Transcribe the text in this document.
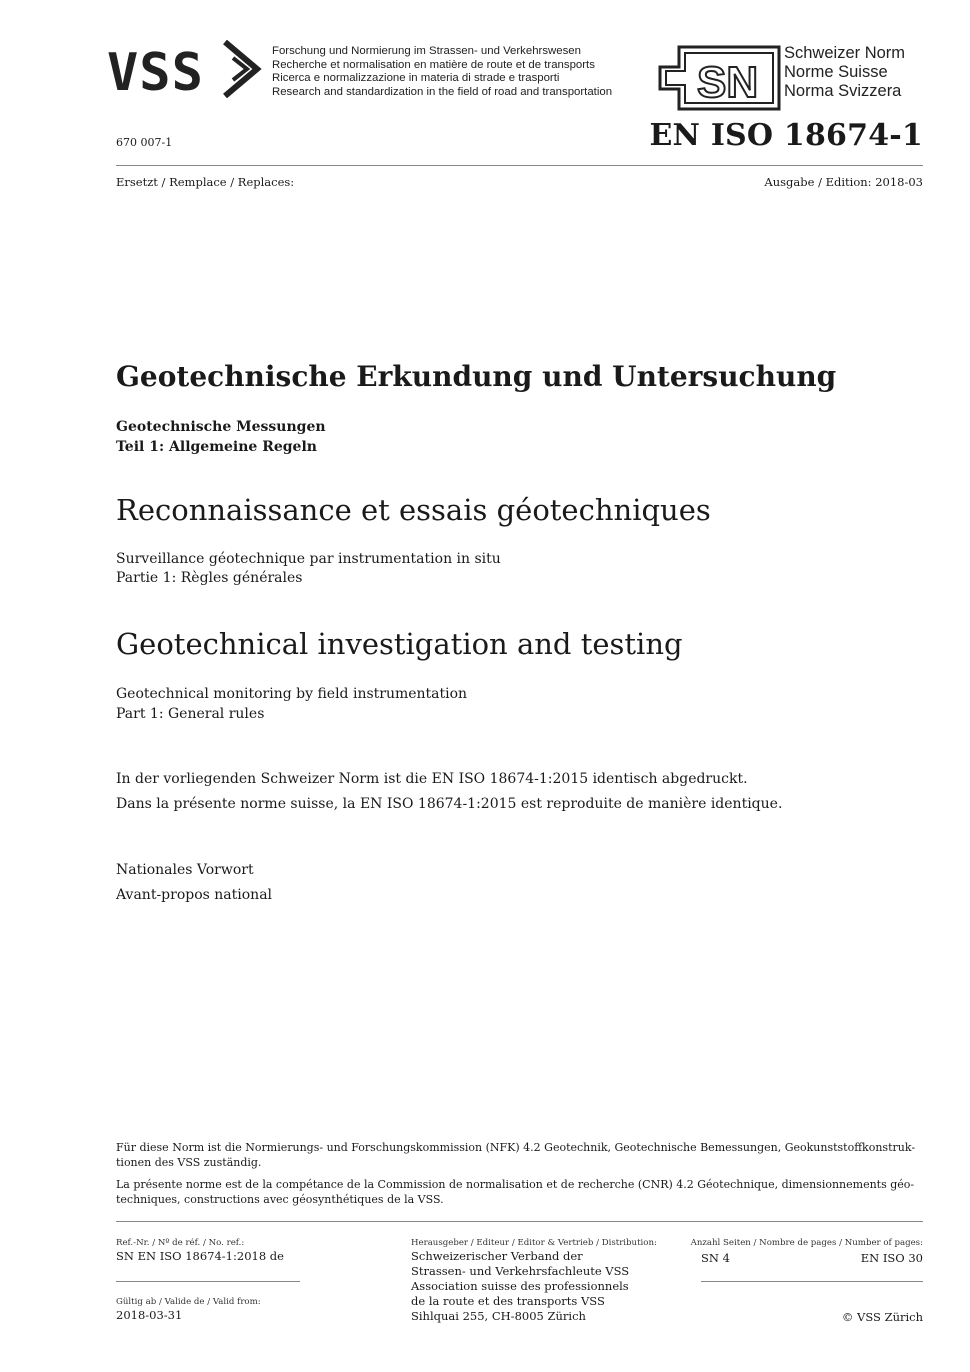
VSS	Forschung und Normierung im Strassen- und Verkehrswesen
Recherche et normalisation en matière de route et de transports
Ricerca e normalizzazione in materia di strade e trasporti
Research and standardization in the field of road and transportation SN
Schweizer Norm
Norme Suisse
Norma Svizzera
670 007-1	EN ISO 18674-1
Ersetzt / Remplace / Replaces:	Ausgabe / Edition: 2018-03
Geotechnische Erkundung und Untersuchung
Geotechnische Messungen
Teil 1: Allgemeine Regeln
Reconnaissance et essais géotechniques
Surveillance géotechnique par instrumentation in situ
Partie 1: Règles générales
Geotechnical investigation and testing
Geotechnical monitoring by field instrumentation
Part 1: General rules
In der vorliegenden Schweizer Norm ist die EN ISO 18674-1:2015 identisch abgedruckt.
Dans la présente norme suisse, la EN ISO 18674-1:2015 est reproduite de manière identique.
Nationales Vorwort
Avant-propos national

Für diese Norm ist die Normierungs- und Forschungskommission (NFK) 4.2 Geotechnik, Geotechnische Bemessungen, Geokunststoffkonstruktionen des VSS zuständig.

La présente norme est de la compétance de la Commission de normalisation et de recherche (CNR) 4.2 Géotechnique, dimensionnements géotechniques, constructions avec géosynthétiques de la VSS.

Ref.-Nr. / Nº de réf. / No. ref.:
SN EN ISO 18674-1:2018 de
Gültig ab / Valide de / Valid from:
2018-03-31
Herausgeber / Editeur / Editor & Vertrieb / Distribution:
Schweizerischer Verband der
Strassen- und Verkehrsfachleute VSS
Association suisse des professionnels
de la route et des transports VSS
Sihlquai 255, CH-8005 Zürich
Anzahl Seiten / Nombre de pages / Number of pages:
SN 4	EN ISO 30
© VSS Zürich
